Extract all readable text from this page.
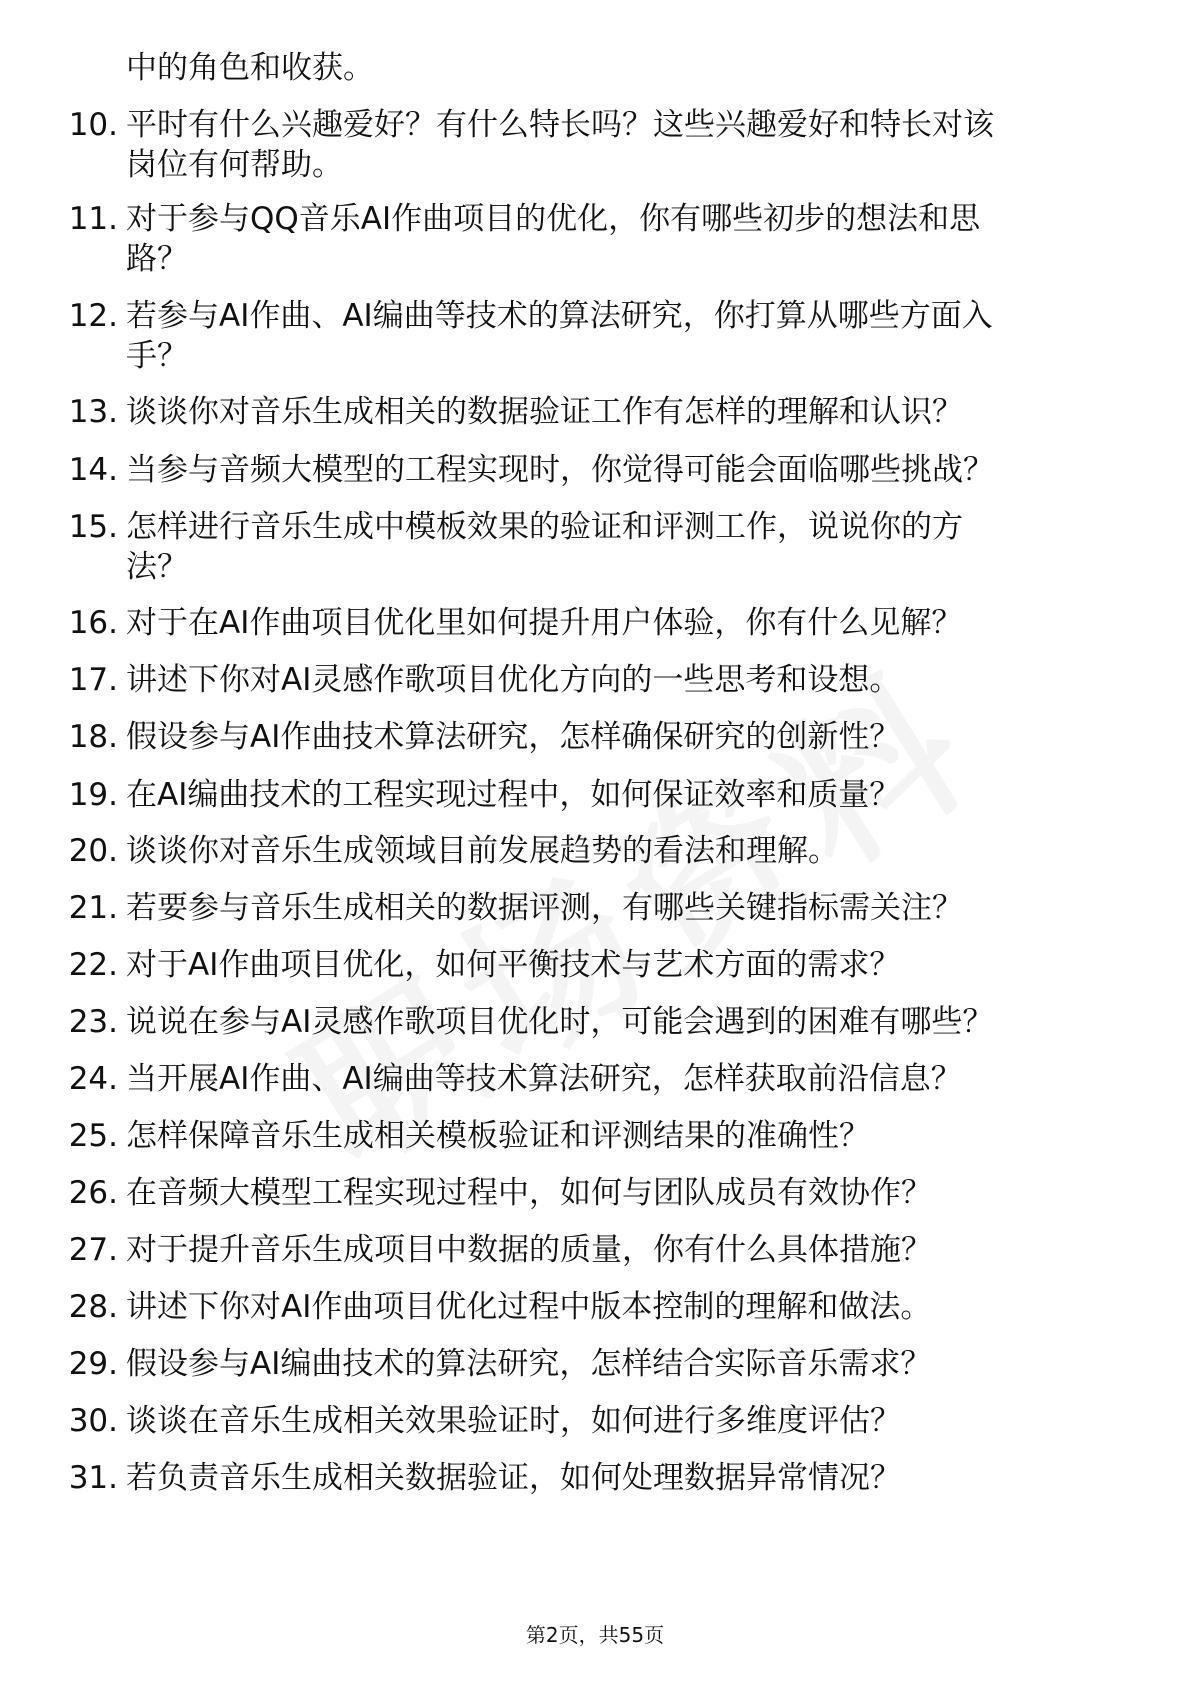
中的角色和收获。
10. 平时有什么兴趣爱好？有什么特长吗？这些兴趣爱好和特长对该
岗位有何帮助。
11. 对于参与QQ音乐AI作曲项目的优化，你有哪些初步的想法和思
路？
12. 若参与AI作曲、AI编曲等技术的算法研究，你打算从哪些方面入
手？
13. 谈谈你对音乐生成相关的数据验证工作有怎样的理解和认识？
14. 当参与音频大模型的工程实现时，你觉得可能会面临哪些挑战？
15. 怎样进行音乐生成中模板效果的验证和评测工作，说说你的方
法？
16. 对于在AI作曲项目优化里如何提升用户体验，你有什么见解？
17. 讲述下你对AI灵感作歌项目优化方向的一些思考和设想。
18. 假设参与AI作曲技术算法研究，怎样确保研究的创新性？
19. 在AI编曲技术的工程实现过程中，如何保证效率和质量？
20. 谈谈你对音乐生成领域目前发展趋势的看法和理解。
21. 若要参与音乐生成相关的数据评测，有哪些关键指标需关注？
22. 对于AI作曲项目优化，如何平衡技术与艺术方面的需求？
23. 说说在参与AI灵感作歌项目优化时，可能会遇到的困难有哪些？
24. 当开展AI作曲、AI编曲等技术算法研究，怎样获取前沿信息？
25. 怎样保障音乐生成相关模板验证和评测结果的准确性？
26. 在音频大模型工程实现过程中，如何与团队成员有效协作？
27. 对于提升音乐生成项目中数据的质量，你有什么具体措施？
28. 讲述下你对AI作曲项目优化过程中版本控制的理解和做法。
29. 假设参与AI编曲技术的算法研究，怎样结合实际音乐需求？
30. 谈谈在音乐生成相关效果验证时，如何进行多维度评估？
31. 若负责音乐生成相关数据验证，如何处理数据异常情况？
第2页，共55页
